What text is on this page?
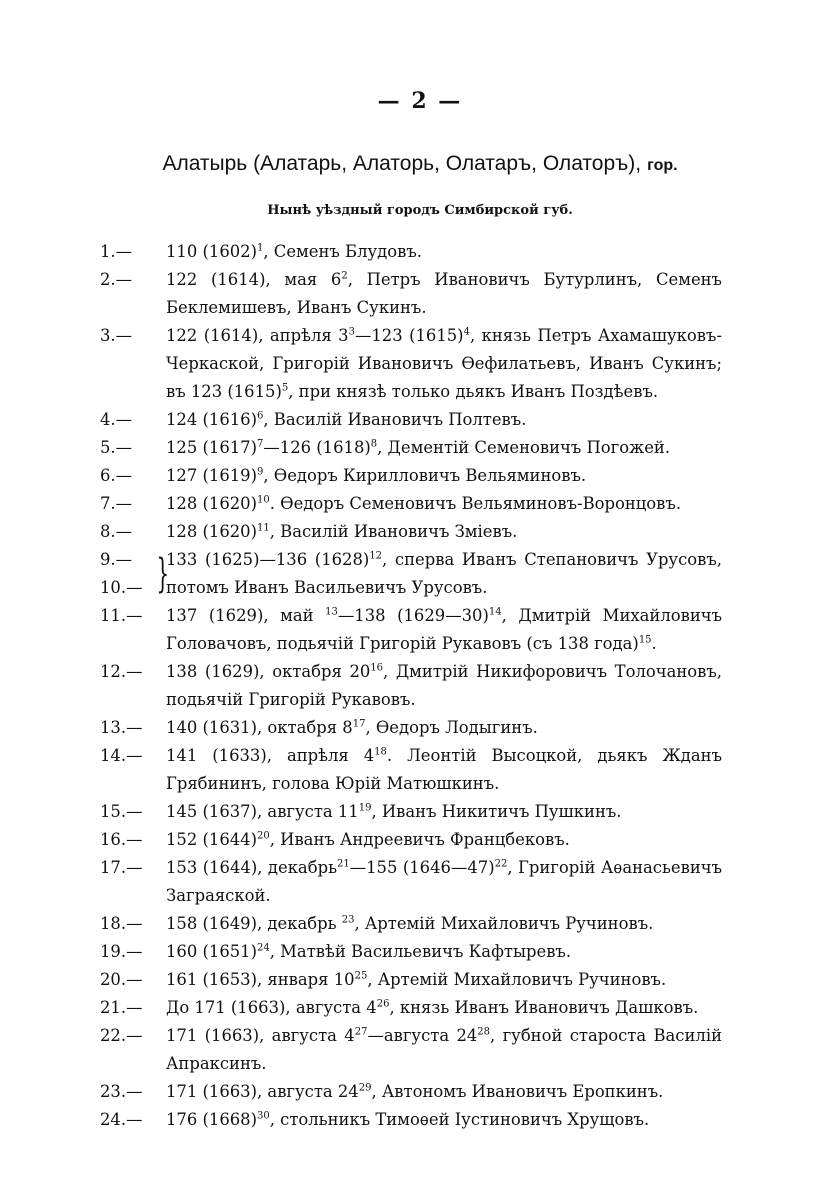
— 2 —
Алатырь (Алатарь, Алаторь, Олатаръ, Олаторъ), гор.
Нынѣ уѣздный городъ Симбирской губ.
1.— 110 $(1602)^1$, Семенъ Блудовъ.
2.— 122 (1614), мая $6^2$, Петръ Ивановичъ Бутурлинъ, Семенъ Беклемишевъ, Иванъ Сукинъ.
3.— 122 (1614), апрѣля $3^3—123$ $(1615)^4$, князь Петръ Ахамашуковъ-Черкаской, Григорій Ивановичъ Ѳефилатьевъ, Иванъ Сукинъ; въ 123 $(1615)^5$, при князѣ только дьякъ Иванъ Поздѣевъ.
4.— 124 $(1616)^6$, Василій Ивановичъ Полтевъ.
5.— 125 $(1617)^7—126$ $(1618)^8$, Дементій Семеновичъ Погожей.
6.— 127 $(1619)^9$, Ѳедоръ Кирилловичъ Вельяминовъ.
7.— 128 $(1620)^{10}$. Ѳедоръ Семеновичъ Вельяминовъ-Воронцовъ.
8.— 128 $(1620)^{11}$, Василій Ивановичъ Зміевъ.
}
9.—
10.—
133 (1625)—136 $(1628)^{12}$, сперва Иванъ Степановичъ Урусовъ, потомъ Иванъ Васильевичъ Урусовъ.
11.— 137 (1629), май $^{13}$—138 (1629—30)$^{14}$, Дмитрій Михайловичъ Головачовъ, подьячій Григорій Рукавовъ (съ 138 года)$^{15}$.
12.— 138 (1629), октабря $20^{16}$, Дмитрій Никифоровичъ Толочановъ, подьячій Григорій Рукавовъ.
13.— 140 (1631), октабря $8^{17}$, Ѳедоръ Лодыгинъ.
14.— 141 (1633), апрѣля $4^{18}$. Леонтій Высоцкой, дьякъ Жданъ Грябининъ, голова Юрій Матюшкинъ.
15.— 145 (1637), августа $11^{19}$, Иванъ Никитичъ Пушкинъ.
16.— 152 $(1644)^{20}$, Иванъ Андреевичъ Францбековъ.
17.— 153 (1644), декабрь$^{21}$—155 (1646—47)$^{22}$, Григорій Аѳанасьевичъ Заграяской.
18.— 158 (1649), декабрь $^{23}$, Артемій Михайловичъ Ручиновъ.
19.— 160 $(1651)^{24}$, Матвѣй Васильевичъ Кафтыревъ.
20.— 161 (1653), января $10^{25}$, Артемій Михайловичъ Ручиновъ.
21.— До 171 (1663), августа $4^{26}$, князь Иванъ Ивановичъ Дашковъ.
22.— 171 (1663), августа $4^{27}—августа$ $24^{28}$, губной староста Василій Апраксинъ.
23.— 171 (1663), августа $24^{29}$, Автономъ Ивановичъ Еропкинъ.
24.— 176 $(1668)^{30}$, стольникъ Тимоѳей Іустиновичъ Хрущовъ.
